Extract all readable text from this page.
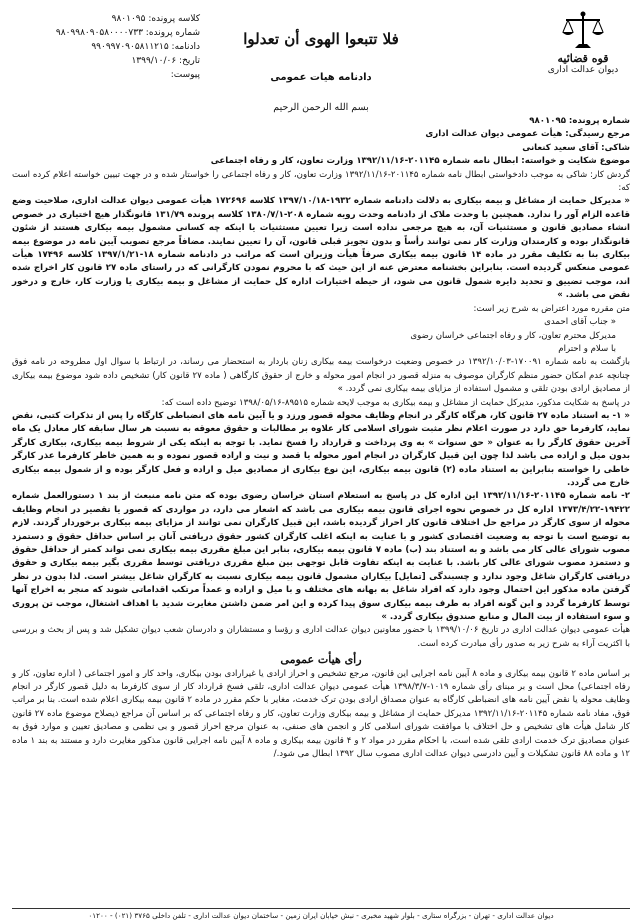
قوه قضائیه
دیوان عدالت اداری
فلا تتبعوا الهوی أن تعدلوا
دادنامه هیات عمومی
کلاسه پرونده: ۹۸۰۱۰۹۵
شماره پرونده: ۹۸۰۹۹۸۰۹۰۵۸۰۰۰۰۷۳۳
دادنامه: ۹۹۰۹۹۷۰۹۰۵۸۱۱۲۱۵
تاریخ: ۱۳۹۹/۱۰/۰۶
پیوست:
بسم الله الرحمن الرحیم

شماره پرونده: ۹۸۰۱۰۹۵

مرجع رسیدگی: هیأت عمومی دیوان عدالت اداری

شاکی: آقای سعید کنعانی

موضوع شکایت و خواسته: ابطال نامه شماره ۲۰۱۱۴۵-۱۳۹۲/۱۱/۱۶ وزارت تعاون، کار و رفاه اجتماعی

گردش کار: شاکی به موجب دادخواستی ابطال نامه شماره ۲۰۱۱۴۵-۱۳۹۲/۱۱/۱۶ وزارت تعاون، کار و رفاه اجتماعی را خواستار شده و در جهت تبیین خواسته اعلام کرده است که:

« مدیرکل حمایت از مشاغل و بیمه بیکاری به دلالت دادنامه شماره ۱۹۳۲-۱۳۹۷/۱۰/۱۸ کلاسه ۱۷۲۶۹۶ هیأت عمومی دیوان عدالت اداری، صلاحیت وضع قاعده الزام آور را ندارد. همچنین با وحدت ملاک از دادنامه وحدت رویه شماره ۲۰۸-۱۳۸۰/۷/۱ کلاسه پرونده ۱۳۱/۷۹ قانونگذار هیچ اختیاری در خصوص انشاء مصادیق قانون و مستثنیات آن، به هیچ مرجعی نداده است زیرا تعیین مستثنیات یا اینکه چه کسانی مشمول بیمه بیکاری هستند از شئون قانونگذار بوده و کارمندان وزارت کار نمی توانند رأساً و بدون تجویز قبلی قانون، آن را تعیین نمایند. مضافاً مرجع تصویب آیین نامه در موضوع بیمه بیکاری بنا به تکلیف مقرر در ماده ۱۴ قانون بیمه بیکاری صرفاً هیأت وزیران است که مراتب در دادنامه شماره ۱۸-۱۳۹۷/۱/۲۱ کلاسه ۱۷۴۹۶ هیأت عمومی منعکس گردیده است. بنابراین بخشنامه معترض عنه از این حیث که با محروم نمودن کارگرانی که در راستای ماده ۲۷ قانون کار اخراج شده اند، موجب تضییق و تحدید دایره شمول قانون می شود، از حیطه اختیارات اداره کل حمایت از مشاغل و بیمه بیکاری یا وزارت کار، خارج و درخور نقض می باشد. »

متن مقرره مورد اعتراض به شرح زیر است:

« جناب آقای احمدی

مدیرکل محترم تعاون، کار و رفاه اجتماعی خراسان رضوی

با سلام و احترام

بازگشت به نامه شماره ۱۷۰۰۹۱-۱۳۹۲/۱۰/۰۳ در خصوص وضعیت درخواست بیمه بیکاری زنان باردار به استحضار می رساند، در ارتباط با سوال اول مطروحه در نامه فوق چنانچه عدم امکان حضور منظم کارگران موصوف به منزله قصور در انجام امور محوله و خارج از حقوق کارگاهی ( ماده ۲۷ قانون کار) تشخیص داده شود موضوع بیمه بیکاری از مصادیق ارادی بودن تلقی و مشمول استفاده از مزایای بیمه بیکاری نمی گردد. »

در پاسخ به شکایت مذکور، مدیرکل حمایت از مشاغل و بیمه بیکاری به موجب لایحه شماره ۸۹۵۱۵-۱۳۹۸/۰۵/۱۶ توضیح داده است که:

« ۱- به استناد ماده ۲۷ قانون کار، هرگاه کارگر در انجام وظایف محوله قصور ورزد و یا آیین نامه های انضباطی کارگاه را پس از تذکرات کتبی، نقض نماید، کارفرما حق دارد در صورت اعلام نظر مثبت شورای اسلامی کار علاوه بر مطالبات و حقوق معوقه به نسبت هر سال سابقه کار معادل یک ماه آخرین حقوق کارگر را به عنوان « حق سنوات » به وی پرداخت و قرارداد را فسخ نماید. با توجه به اینکه یکی از شروط بیمه بیکاری، بیکاری کارگر بدون میل و اراده می باشد لذا چون این قبیل کارگران در انجام امور محوله یا قصد و نیت و اراده قصور نموده و به همین خاطر کارفرما عذر کارگر خاطی را خواسته بنابراین به استناد ماده (۲) قانون بیمه بیکاری، این نوع بیکاری از مصادیق میل و اراده و فعل کارگر بوده و از شمول بیمه بیکاری خارج می گردد.

۲- نامه شماره ۲۰۱۱۴۵-۱۳۹۲/۱۱/۱۶ این اداره کل در پاسخ به استعلام استان خراسان رضوی بوده که متن نامه منبعث از بند ۱ دستورالعمل شماره ۱۹۴۲۲-۱۳۷۳/۴/۲۲ اداره کل در خصوص نحوه اجرای قانون بیمه بیکاری می باشد که اشعار می دارد، در مواردی که قصور یا تقصیر در انجام وظایف محوله از سوی کارگر در مراجع حل اختلاف قانون کار احراز گردیده باشد، این قبیل کارگران نمی توانند از مزایای بیمه بیکاری برخوردار گردند. لازم به توضیح است با توجه به وضعیت اقتصادی کشور و با عنایت به اینکه اغلب کارگران کشور حقوق دریافتی آنان بر اساس حداقل حقوق و دستمزد مصوب شورای عالی کار می باشد و به استناد بند (ب) ماده ۷ قانون بیمه بیکاری، بنابر این مبلغ مقرری بیمه بیکاری نمی تواند کمتر از حداقل حقوق و دستمزد مصوب شورای عالی کار باشد. با عنایت به اینکه تفاوت قابل توجهی بین مبلغ مقرری دریافتی توسط مقرری بگیر بیمه بیکاری و حقوق دریافتی کارگران شاغل وجود ندارد و چسبندگی [تمایل] بیکاران مشمول قانون بیمه بیکاری نسبت به کارگران شاغل بیشتر است. لذا بدون در نظر گرفتن ماده مذکور این احتمال وجود دارد که افراد شاغل به بهانه های مختلف و با میل و اراده و عمداً مرتکب اقداماتی شوند که منجر به اخراج آنها توسط کارفرما گردد و این گونه افراد به طرف بیمه بیکاری سوق پیدا کرده و این امر ضمن داشتن مغایرت شدید با اهداف اشتغال، موجب تن پروری و سوء استفاده از بیت المال و منابع صندوق بیکاری گردد. »

هیأت عمومی دیوان عدالت اداری در تاریخ ۱۳۹۹/۱۰/۰۶ با حضور معاونین دیوان عدالت اداری و رؤسا و مستشاران و دادرسان شعب دیوان تشکیل شد و پس از بحث و بررسی با اکثریت آراء به شرح زیر به صدور رأی مبادرت کرده است.

رأی هیأت عمومی

بر اساس ماده ۲ قانون بیمه بیکاری و ماده ۸ آیین نامه اجرایی این قانون، مرجع تشخیص و احراز ارادی یا غیرارادی بودن بیکاری، واحد کار و امور اجتماعی ( اداره تعاون، کار و رفاه اجتماعی) محل است و بر مبنای رأی شماره ۱۰۱۹-۱۳۹۸/۳/۷ هیأت عمومی دیوان عدالت اداری، تلقی فسخ قرارداد کار از سوی کارفرما به دلیل قصور کارگر در انجام وظایف محوله یا نقض آیین نامه های انضباطی کارگاه به عنوان مصداق ارادی بودن ترک خدمت، مغایر با حکم مقرر در ماده ۲ قانون بیمه بیکاری اعلام شده است. بنا بر مراتب فوق، مفاد نامه شماره ۲۰۱۱۴۵-۱۳۹۲/۱۱/۱۶ مدیرکل حمایت از مشاغل و بیمه بیکاری وزارت تعاون، کار و رفاه اجتماعی که بر اساس آن مراجع ذیصلاح موضوع ماده ۲۷ قانون کار شامل هیأت های تشخیص و حل اختلاف با موافقت شورای اسلامی کار و انجمن های صنفی، به عنوان مرجع احراز قصور و بی نظمی و مصادیق تعیین و موارد فوق به عنوان مصادیق ترک خدمت ارادی تلقی شده است، با احکام مقرر در مواد ۲ و ۴ قانون بیمه بیکاری و ماده ۸ آیین نامه اجرایی قانون مذکور مغایرت دارد و مستند به بند ۱ ماده ۱۲ و ماده ۸۸ قانون تشکیلات و آیین دادرسی دیوان عدالت اداری مصوب سال ۱۳۹۲ ابطال می شود./

دیوان عدالت اداری - تهران - بزرگراه ستاری - بلوار شهید مخبری - نبش خیابان ایران زمین - ساختمان دیوان عدالت اداری - تلفن داخلی ۳۷۶۵ (۰۲۱) - ۰۱۲۰۰
